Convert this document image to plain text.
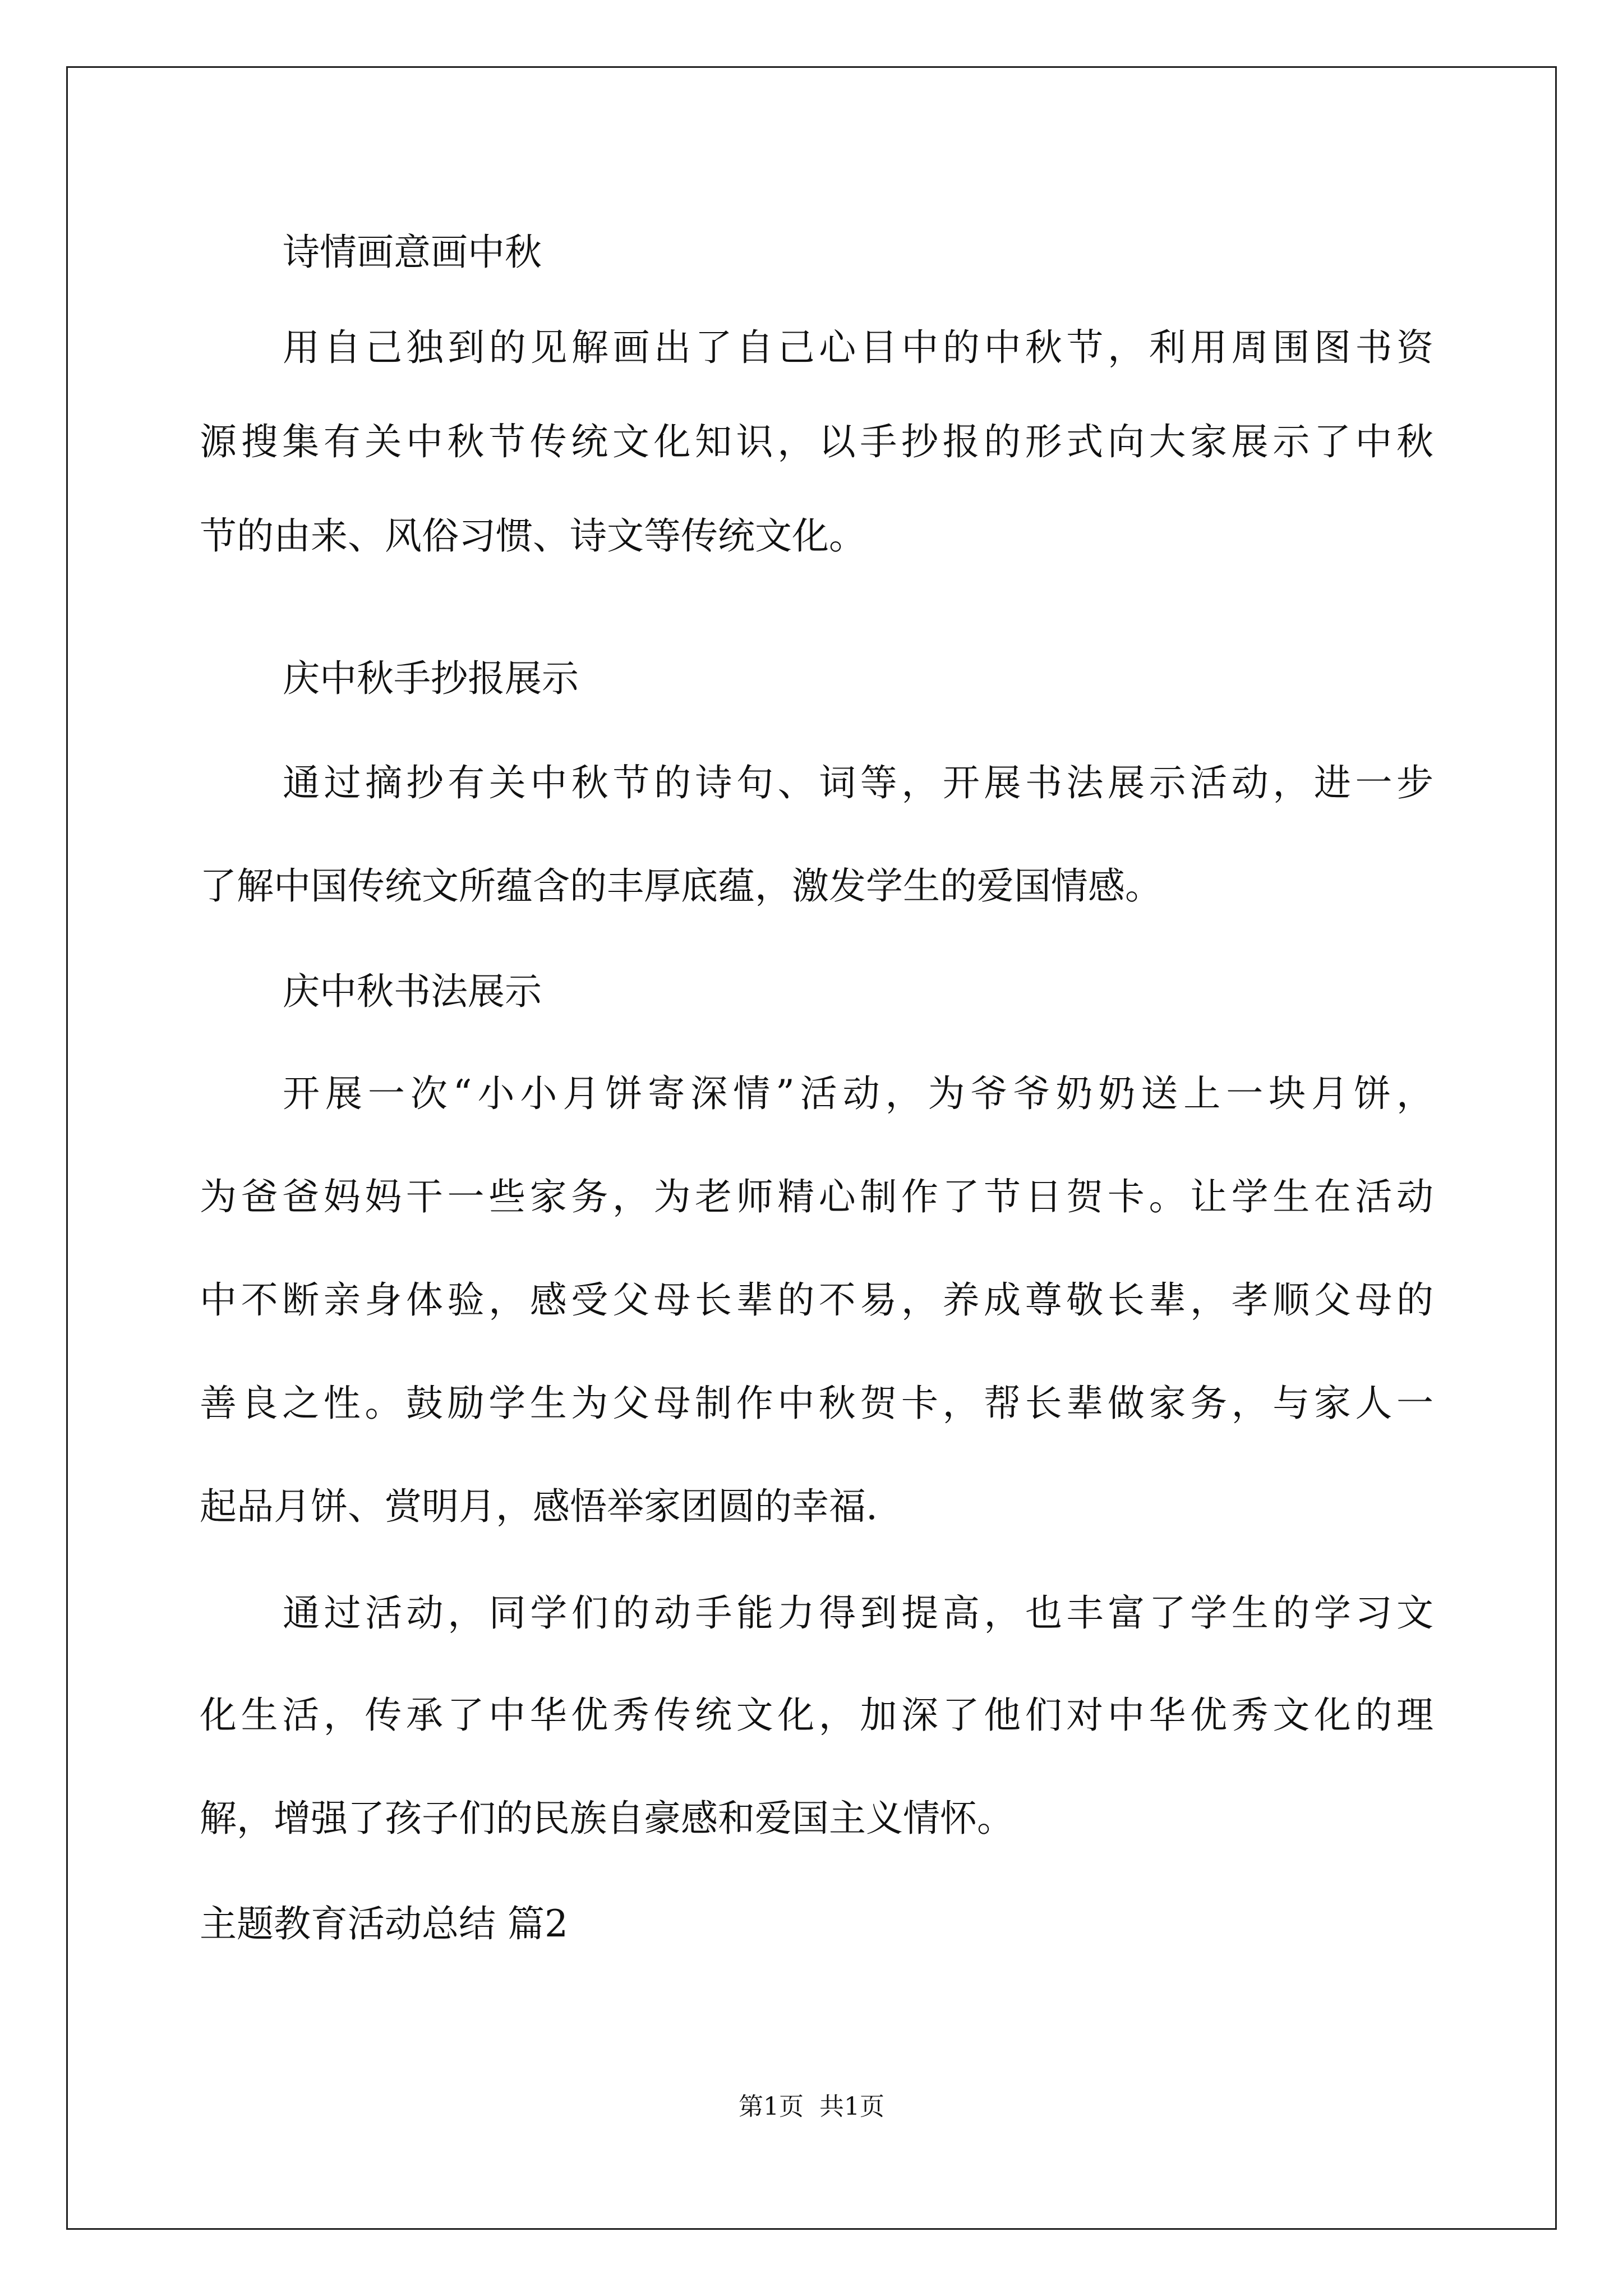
诗情画意画中秋
用自己独到的见解画出了自己心目中的中秋节，利用周围图书资
源搜集有关中秋节传统文化知识，以手抄报的形式向大家展示了中秋
节的由来、风俗习惯、诗文等传统文化。
庆中秋手抄报展示
通过摘抄有关中秋节的诗句、词等，开展书法展示活动，进一步
了解中国传统文所蕴含的丰厚底蕴，激发学生的爱国情感。
庆中秋书法展示
开展一次“小小月饼寄深情”活动，为爷爷奶奶送上一块月饼，
为爸爸妈妈干一些家务，为老师精心制作了节日贺卡。让学生在活动
中不断亲身体验，感受父母长辈的不易，养成尊敬长辈，孝顺父母的
善良之性。鼓励学生为父母制作中秋贺卡，帮长辈做家务，与家人一
起品月饼、赏明月，感悟举家团圆的幸福.
通过活动，同学们的动手能力得到提高，也丰富了学生的学习文
化生活，传承了中华优秀传统文化，加深了他们对中华优秀文化的理
解，增强了孩子们的民族自豪感和爱国主义情怀。
主题教育活动总结 篇2
第1页 共1页
